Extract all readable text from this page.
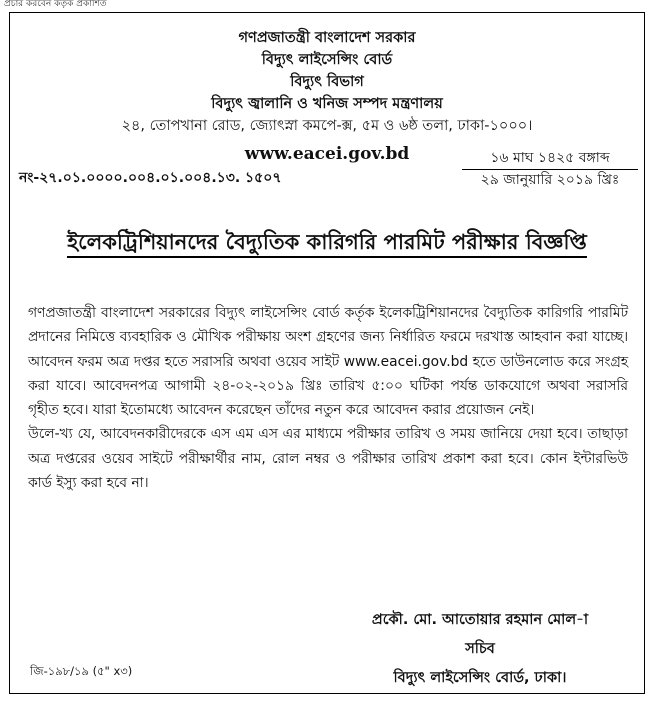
প্রচার করবেন কর্তৃক প্রকাশিত
গণপ্রজাতন্ত্রী বাংলাদেশ সরকার
বিদ্যুৎ লাইসেন্সিং বোর্ড
বিদ্যুৎ বিভাগ
বিদ্যুৎ জ্বালানি ও খনিজ সম্পদ মন্ত্রণালয়
২৪, তোপখানা রোড, জ্যোৎস্না কমপে-ক্স, ৫ম ও ৬ষ্ঠ তলা, ঢাকা-১০০০।
www.eacei.gov.bd
নং-২৭.০১.০০০০.০০৪.০১.০০৪.১৩. ১৫০৭
১৬ মাঘ ১৪২৫ বঙ্গাব্দ
২৯ জানুয়ারি ২০১৯ খ্রিঃ
ইলেকট্রিশিয়ানদের বৈদ্যুতিক কারিগরি পারমিট পরীক্ষার বিজ্ঞপ্তি

গণপ্রজাতন্ত্রী বাংলাদেশ সরকারের বিদ্যুৎ লাইসেন্সিং বোর্ড কর্তৃক ইলেকট্রিশিয়ানদের বৈদ্যুতিক কারিগরি পারমিট প্রদানের নিমিত্তে ব্যবহারিক ও মৌখিক পরীক্ষায় অংশ গ্রহণের জন্য নির্ধারিত ফরমে দরখাস্ত আহবান করা যাচ্ছে। আবেদন ফরম অত্র দপ্তর হতে সরাসরি অথবা ওয়েব সাইট www.eacei.gov.bd হতে ডাউনলোড করে সংগ্রহ করা যাবে। আবেদনপত্র আগামী ২৪-০২-২০১৯ খ্রিঃ তারিখ ৫:০০ ঘটিকা পর্যন্ত ডাকযোগে অথবা সরাসরি গৃহীত হবে। যারা ইতোমধ্যে আবেদন করেছেন তাঁদের নতুন করে আবেদন করার প্রয়োজন নেই।

উলে-খ্য যে, আবেদনকারীদেরকে এস এম এস এর মাধ্যমে পরীক্ষার তারিখ ও সময় জানিয়ে দেয়া হবে। তাছাড়া অত্র দপ্তরের ওয়েব সাইটে পরীক্ষার্থীর নাম, রোল নম্বর ও পরীক্ষার তারিখ প্রকাশ করা হবে। কোন ইন্টারভিউ কার্ড ইস্যু করা হবে না।

প্রকৌ. মো. আতোয়ার রহমান মোল-া
সচিব
বিদ্যুৎ লাইসেন্সিং বোর্ড, ঢাকা।
জি-১৯৮/১৯ (৫" x৩)
